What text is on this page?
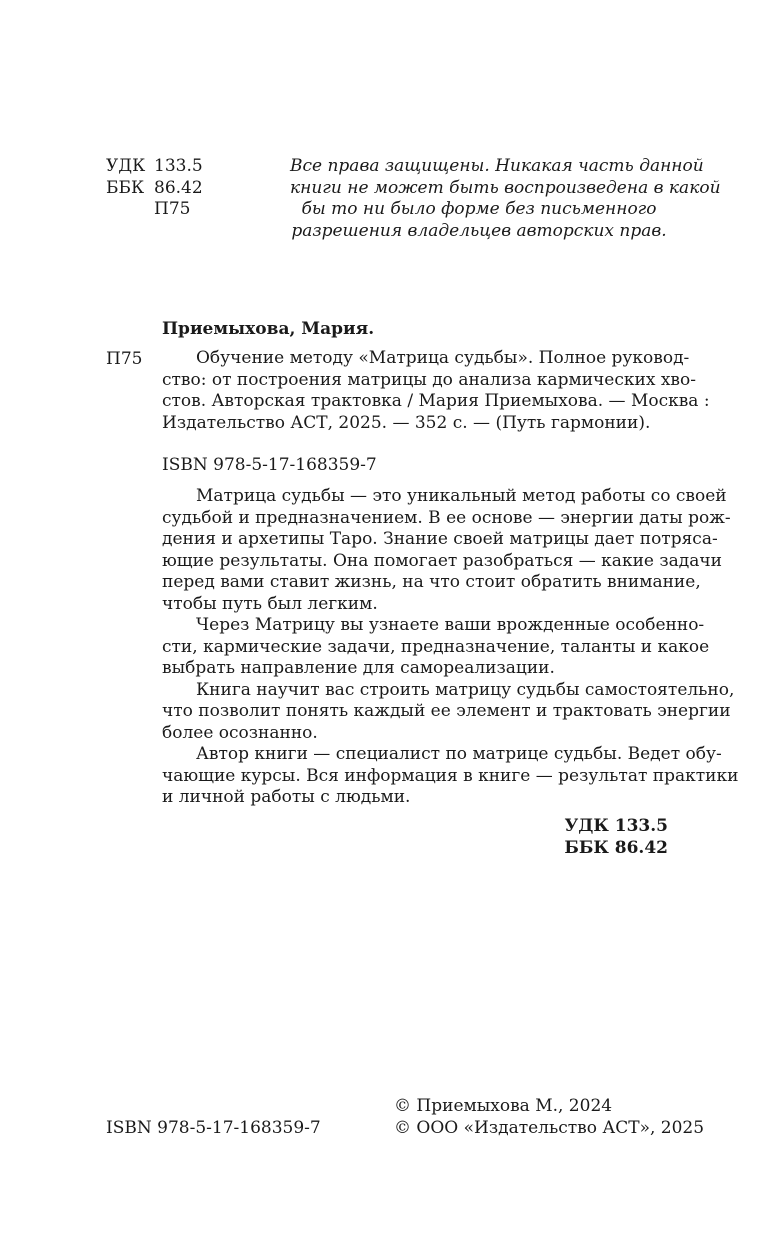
УДК 133.5
ББК 86.42
П75
Все права защищены. Никакая часть данной
книги не может быть воспроизведена в какой
бы то ни было форме без письменного
разрешения владельцев авторских прав.
Приемыхова, Мария.
П75	Обучение методу «Матрица судьбы». Полное руковод-
ство: от построения матрицы до анализа кармических хво-
стов. Авторская трактовка / Мария Приемыхова. — Москва :
Издательство АСТ, 2025. — 352 с. — (Путь гармонии).
ISBN 978-5-17-168359-7
Матрица судьбы — это уникальный метод работы со своей
судьбой и предназначением. В ее основе — энергии даты рож-
дения и архетипы Таро. Знание своей матрицы дает потряса-
ющие результаты. Она помогает разобраться — какие задачи
перед вами ставит жизнь, на что стоит обратить внимание,
чтобы путь был легким.
Через Матрицу вы узнаете ваши врожденные особенно-
сти, кармические задачи, предназначение, таланты и какое
выбрать направление для самореализации.
Книга научит вас строить матрицу судьбы самостоятельно,
что позволит понять каждый ее элемент и трактовать энергии
более осознанно.
Автор книги — специалист по матрице судьбы. Ведет обу-
чающие курсы. Вся информация в книге — результат практики
и личной работы с людьми.
УДК 133.5
ББК 86.42
ISBN 978-5-17-168359-7
© Приемыхова М., 2024
© ООО «Издательство АСТ», 2025
